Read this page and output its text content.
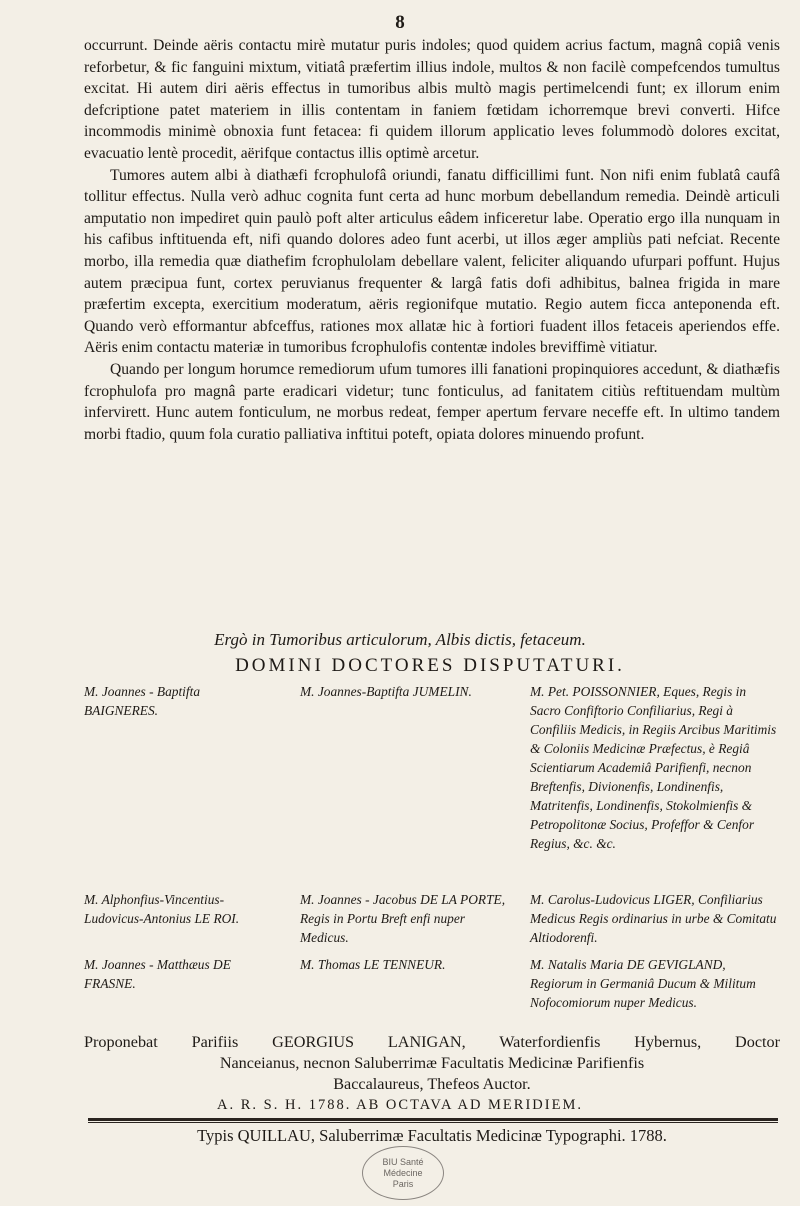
8

occurrunt. Deinde aëris contactu mirè mutatur puris indoles; quod quidem acrius factum, magnâ copiâ venis reforbetur, & fic fanguini mixtum, vitiatâ præfertim illius indole, multos & non facilè compefcendos tumultus excitat. Hi autem diri aëris effectus in tumoribus albis multò magis pertimelcendi funt; ex illorum enim defcriptione patet materiem in illis contentam in faniem fœtidam ichorremque brevi converti. Hifce incommodis minimè obnoxia funt fetacea: fi quidem illorum applicatio leves folummodò dolores excitat, evacuatio lentè procedit, aërifque contactus illis optimè arcetur.

Tumores autem albi à diathæfi fcrophulofâ oriundi, fanatu difficillimi funt. Non nifi enim fublatâ caufâ tollitur effectus. Nulla verò adhuc cognita funt certa ad hunc morbum debellandum remedia. Deindè articuli amputatio non impediret quin paulò poft alter articulus eâdem inficeretur labe. Operatio ergo illa nunquam in his cafibus inftituenda eft, nifi quando dolores adeo funt acerbi, ut illos æger ampliùs pati nefciat. Recente morbo, illa remedia quæ diathefim fcrophulolam debellare valent, feliciter aliquando ufurpari poffunt. Hujus autem præcipua funt, cortex peruvianus frequenter & largâ fatis dofi adhibitus, balnea frigida in mare præfertim excepta, exercitium moderatum, aëris regionifque mutatio. Regio autem ficca anteponenda eft. Quando verò efformantur abfceffus, rationes mox allatæ hic à fortiori fuadent illos fetaceis aperiendos effe. Aëris enim contactu materiæ in tumoribus fcrophulofis contentæ indoles breviffimè vitiatur.

Quando per longum horumce remediorum ufum tumores illi fanationi propinquiores accedunt, & diathæfis fcrophulofa pro magnâ parte eradicari videtur; tunc fonticulus, ad fanitatem citiùs reftituendam multùm infervirett. Hunc autem fonticulum, ne morbus redeat, femper apertum fervare neceffe eft. In ultimo tandem morbi ftadio, quum fola curatio palliativa inftitui poteft, opiata dolores minuendo profunt.

Ergò in Tumoribus articulorum, Albis dictis, fetaceum.
DOMINI DOCTORES DISPUTATURI.
M. Joannes - Baptifta BAIGNERES.
M. Alphonfius-Vincentius-Ludovicus-Antonius LE ROI.
M. Joannes - Matthæus DE FRASNE.
M. Joannes-Baptifta JUMELIN.
M. Joannes - Jacobus DE LA PORTE, Regis in Portu Breft enfi nuper Medicus.
M. Thomas LE TENNEUR.
M. Pet. POISSONNIER, Eques, Regis in Sacro Confiftorio Confiliarius, Regi à Confiliis Medicis, in Regiis Arcibus Maritimis & Coloniis Medicinæ Præfectus, è Regiâ Scientiarum Academiâ Parifienfi, necnon Breftenfis, Divionenfis, Londinenfis, Matritenfis, Londinenfis, Stokolmienfis & Petropolitonæ Socius, Profeffor & Cenfor Regius, &c. &c.
M. Carolus-Ludovicus LIGER, Confiliarius Medicus Regis ordinarius in urbe & Comitatu Altiodorenfi.
M. Natalis Maria DE GEVIGLAND, Regiorum in Germaniâ Ducum & Militum Nofocomiorum nuper Medicus.
Proponebat Parifiis GEORGIUS LANIGAN, Waterfordienfis Hybernus, Doctor
Nanceianus, necnon Saluberrimæ Facultatis Medicinæ Parifienfis
Baccalaureus, Thefeos Auctor.
A. R. S. H. 1788. AB OCTAVA AD MERIDIEM.
Typis QUILLAU, Saluberrimæ Facultatis Medicinæ Typographi. 1788.
BIU Santé
Médecine
Paris
